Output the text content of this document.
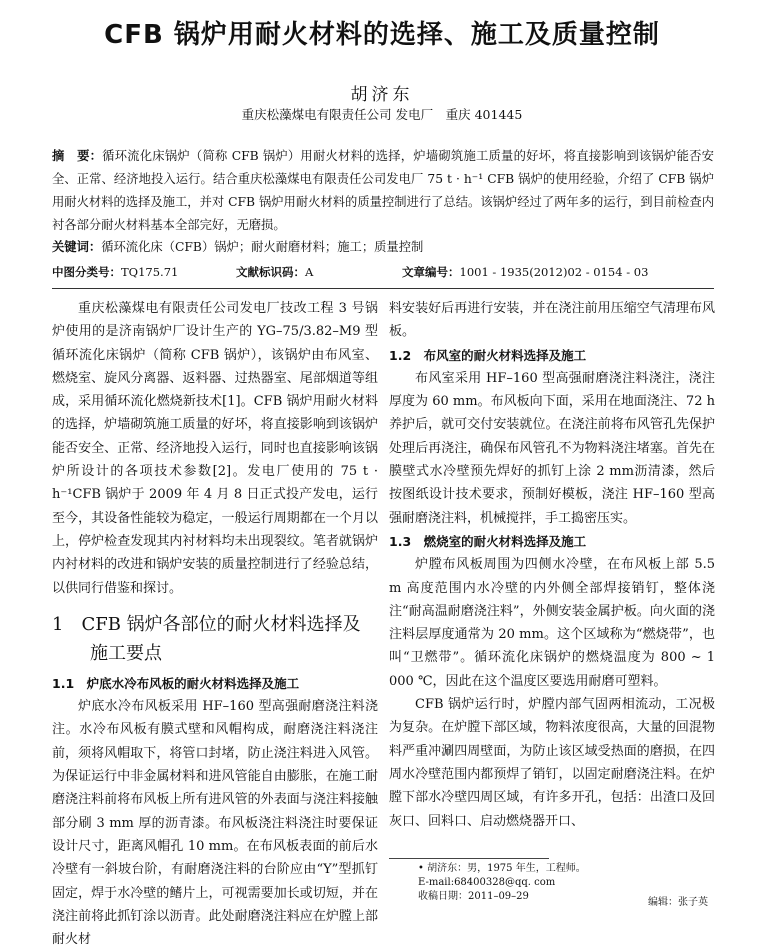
CFB 锅炉用耐火材料的选择、施工及质量控制
胡济东
重庆松藻煤电有限责任公司 发电厂　重庆 401445
摘　要：循环流化床锅炉（简称 CFB 锅炉）用耐火材料的选择，炉墙砌筑施工质量的好坏，将直接影响到该锅炉能否安全、正常、经济地投入运行。结合重庆松藻煤电有限责任公司发电厂 75 t · h⁻¹ CFB 锅炉的使用经验，介绍了 CFB 锅炉用耐火材料的选择及施工，并对 CFB 锅炉用耐火材料的质量控制进行了总结。该锅炉经过了两年多的运行，到目前检查内衬各部分耐火材料基本全部完好，无磨损。
关键词：循环流化床（CFB）锅炉；耐火耐磨材料；施工；质量控制
中图分类号：TQ175.71	文献标识码：A	文章编号：1001 - 1935(2012)02 - 0154 - 03

重庆松藻煤电有限责任公司发电厂技改工程 3 号锅炉使用的是济南锅炉厂设计生产的 YG–75/3.82–M9 型循环流化床锅炉（简称 CFB 锅炉），该锅炉由布风室、燃烧室、旋风分离器、返料器、过热器室、尾部烟道等组成，采用循环流化燃烧新技术[1]。CFB 锅炉用耐火材料的选择，炉墙砌筑施工质量的好坏，将直接影响到该锅炉能否安全、正常、经济地投入运行，同时也直接影响该锅炉所设计的各项技术参数[2]。发电厂使用的 75 t · h⁻¹CFB 锅炉于 2009 年 4 月 8 日正式投产发电，运行至今，其设备性能较为稳定，一般运行周期都在一个月以上，停炉检查发现其内衬材料均未出现裂纹。笔者就锅炉内衬材料的改进和锅炉安装的质量控制进行了经验总结，以供同行借鉴和探讨。

1　CFB 锅炉各部位的耐火材料选择及施工要点
1.1　炉底水冷布风板的耐火材料选择及施工

炉底水冷布风板采用 HF–160 型高强耐磨浇注料浇注。水冷布风板有膜式壁和风帽构成，耐磨浇注料浇注前，须将风帽取下，将管口封堵，防止浇注料进入风管。为保证运行中非金属材料和进风管能自由膨胀，在施工耐磨浇注料前将布风板上所有进风管的外表面与浇注料接触部分刷 3 mm 厚的沥青漆。布风板浇注料浇注时要保证设计尺寸，距离风帽孔 10 mm。在布风板表面的前后水冷壁有一斜坡台阶，有耐磨浇注料的台阶应由“Y”型抓钉固定，焊于水冷壁的鳍片上，可视需要加长或切短，并在浇注前将此抓钉涂以沥青。此处耐磨浇注料应在炉膛上部耐火材

料安装好后再进行安装，并在浇注前用压缩空气清理布风板。

1.2　布风室的耐火材料选择及施工

布风室采用 HF–160 型高强耐磨浇注料浇注，浇注厚度为 60 mm。布风板向下面，采用在地面浇注、72 h 养护后，就可交付安装就位。在浇注前将布风管孔先保护处理后再浇注，确保布风管孔不为物料浇注堵塞。首先在膜壁式水冷壁预先焊好的抓钉上涂 2 mm沥清漆，然后按图纸设计技术要求，预制好模板，浇注 HF–160 型高强耐磨浇注料，机械搅拌，手工捣密压实。

1.3　燃烧室的耐火材料选择及施工

炉膛布风板周围为四侧水冷壁，在布风板上部 5.5 m 高度范围内水冷壁的内外侧全部焊接销钉，整体浇注“耐高温耐磨浇注料”，外侧安装金属护板。向火面的浇注料层厚度通常为 20 mm。这个区域称为“燃烧带”，也叫“卫燃带”。循环流化床锅炉的燃烧温度为 800 ~ 1 000 ℃，因此在这个温度区要选用耐磨可塑料。

CFB 锅炉运行时，炉膛内部气固两相流动，工况极为复杂。在炉膛下部区域，物料浓度很高，大量的回混物料严重冲涮四周壁面，为防止该区域受热面的磨损，在四周水冷壁范围内都预焊了销钉，以固定耐磨浇注料。在炉膛下部水冷壁四周区域，有许多开孔，包括：出渣口及回灰口、回料口、启动燃烧器开口、

• 胡济东：男，1975 年生，工程师。
E-mail:68400328@qq. com
收稿日期：2011–09–29
编辑：张子英
